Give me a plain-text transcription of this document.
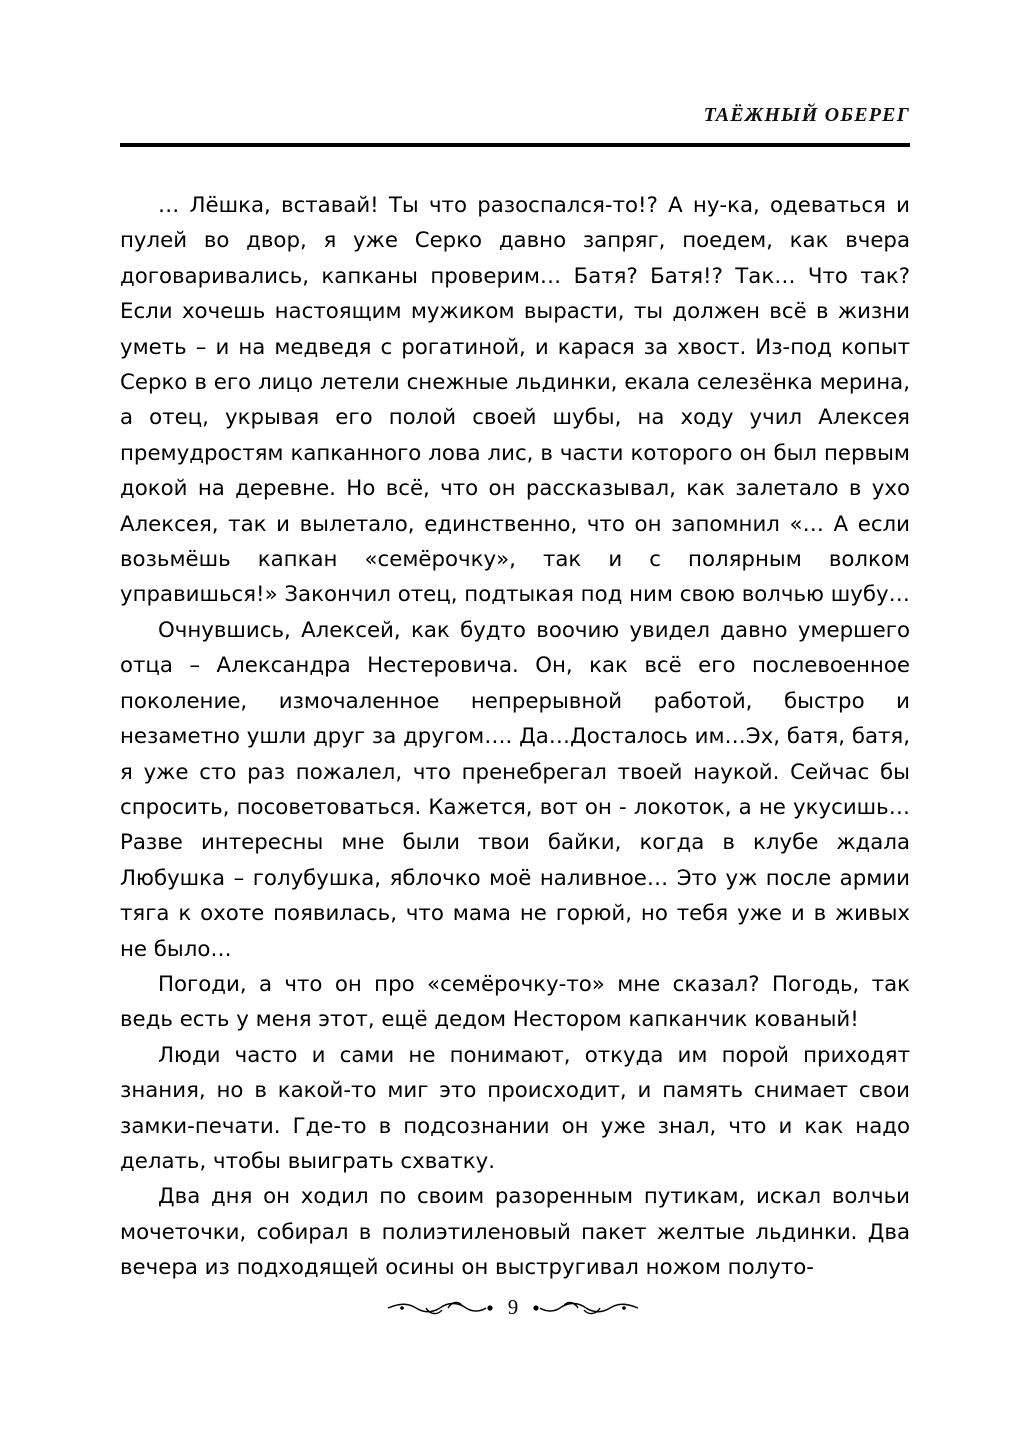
ТАЁЖНЫЙ ОБЕРЕГ

… Лёшка, вставай! Ты что разоспался-то!? А ну-ка, одеваться и пулей во двор, я уже Серко давно запряг, поедем, как вчера договаривались, капканы проверим… Батя? Батя!? Так… Что так? Если хочешь настоящим мужиком вырасти, ты должен всё в жизни уметь – и на медведя с рогатиной, и карася за хвост. Из-под копыт Серко в его лицо летели снежные льдинки, екала селезёнка мерина, а отец, укрывая его полой своей шубы, на ходу учил Алексея премудростям капканного лова лис, в части которого он был первым докой на деревне. Но всё, что он рассказывал, как залетало в ухо Алексея, так и вылетало, единственно, что он запомнил «… А если возьмёшь капкан «семёрочку», так и с полярным волком управишься!» Закончил отец, подтыкая под ним свою волчью шубу…

Очнувшись, Алексей, как будто воочию увидел давно умершего отца – Александра Нестеровича. Он, как всё его послевоенное поколение, измочаленное непрерывной работой, быстро и незаметно ушли друг за другом…. Да…Досталось им…Эх, батя, батя, я уже сто раз пожалел, что пренебрегал твоей наукой. Сейчас бы спросить, посоветоваться. Кажется, вот он - локоток, а не укусишь…Разве интересны мне были твои байки, когда в клубе ждала Любушка – голубушка, яблочко моё наливное… Это уж после армии тяга к охоте появилась, что мама не горюй, но тебя уже и в живых не было…

Погоди, а что он про «семёрочку-то» мне сказал? Погодь, так ведь есть у меня этот, ещё дедом Нестором капканчик кованый!

Люди часто и сами не понимают, откуда им порой приходят знания, но в какой-то миг это происходит, и память снимает свои замки-печати. Где-то в подсознании он уже знал, что и как надо делать, чтобы выиграть схватку.

Два дня он ходил по своим разоренным путикам, искал волчьи мочеточки, собирал в полиэтиленовый пакет желтые льдинки. Два вечера из подходящей осины он выстругивал ножом полуто-

9
